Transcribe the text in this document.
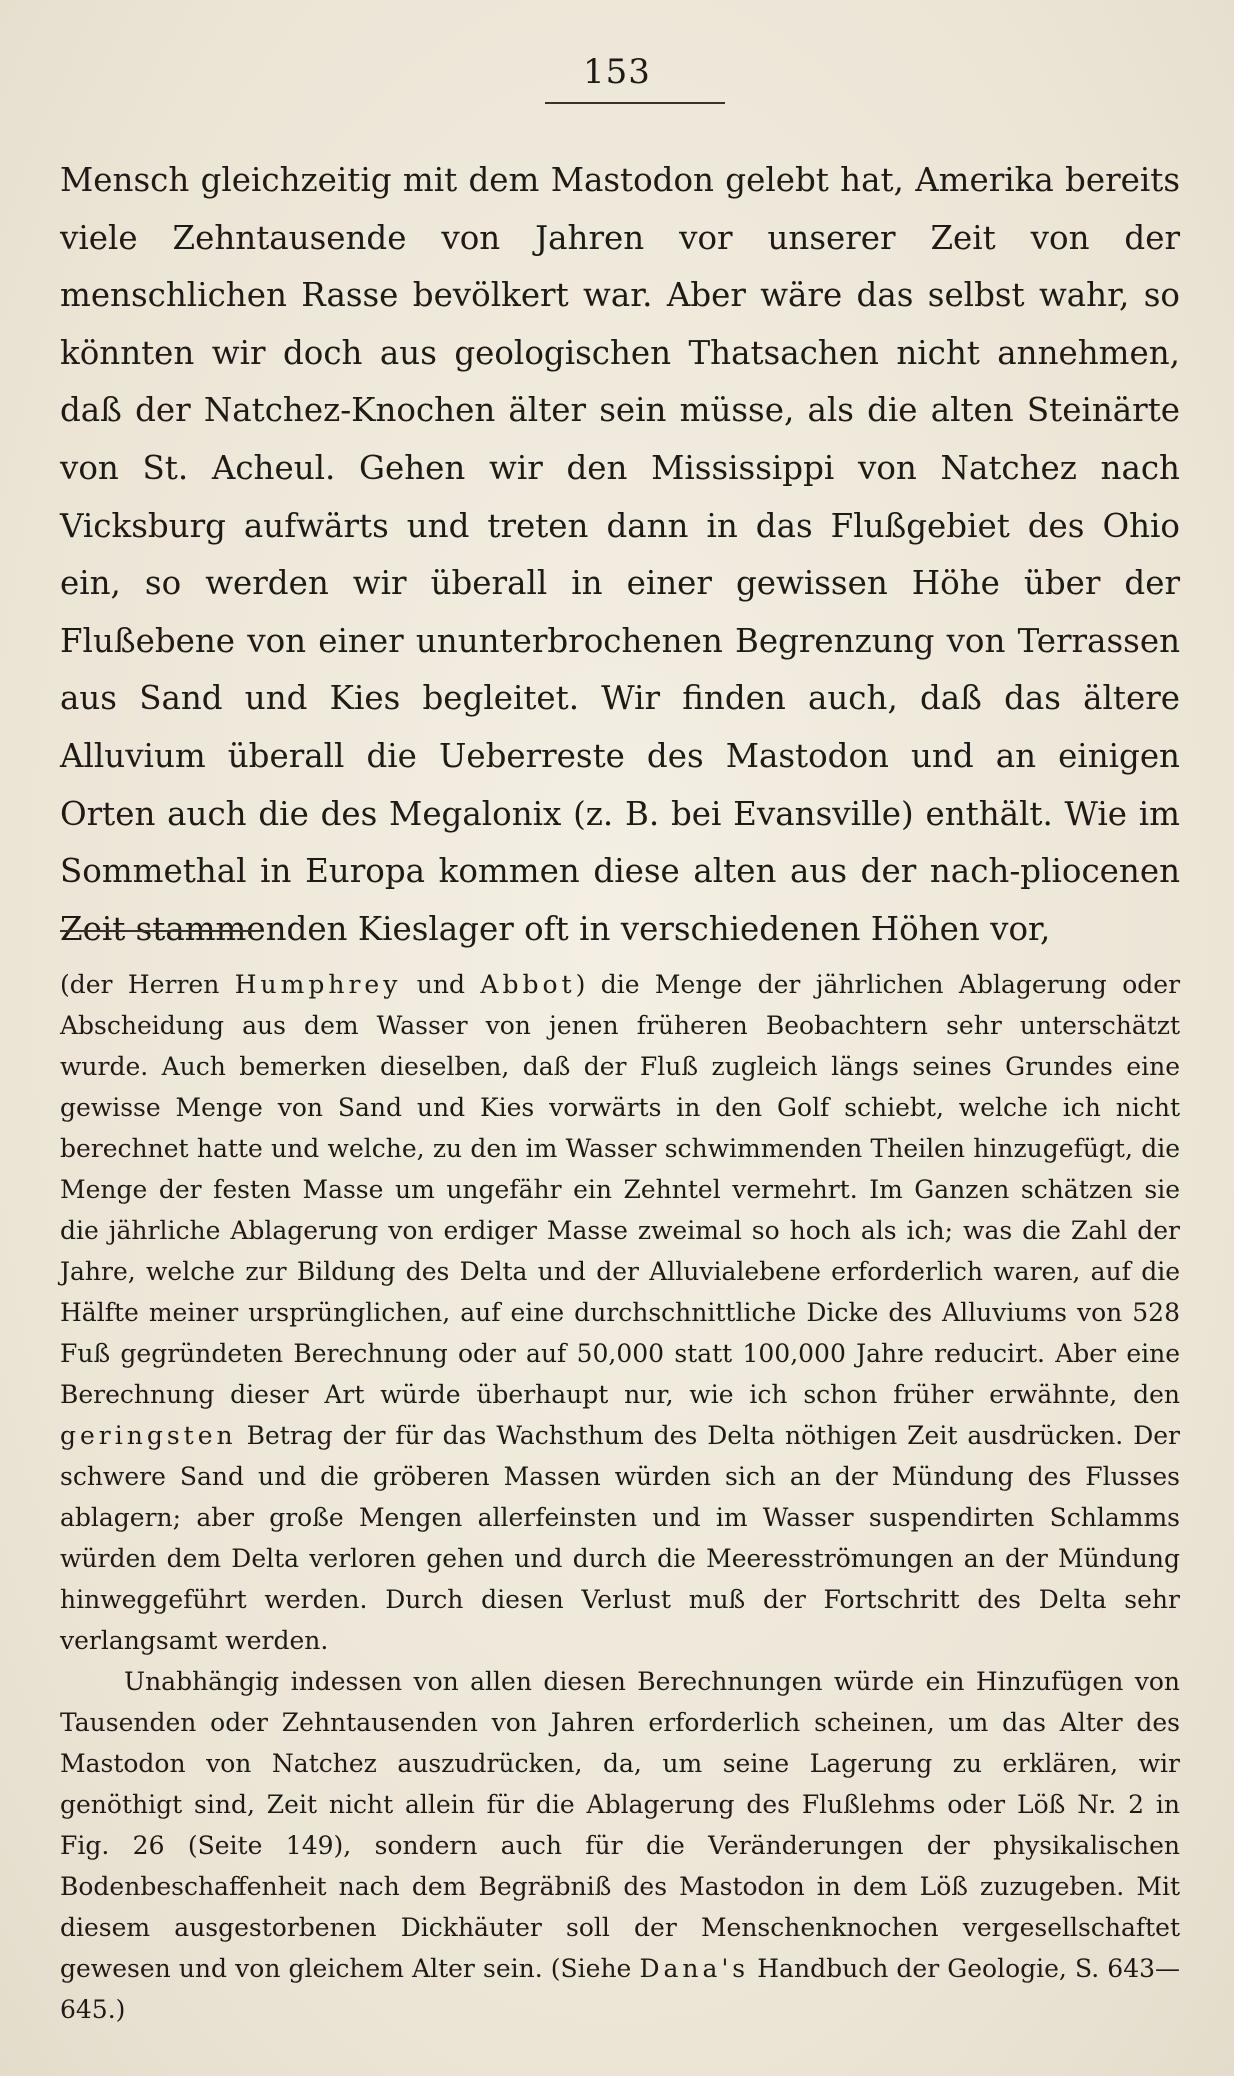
153

Mensch gleichzeitig mit dem Mastodon gelebt hat, Amerika bereits viele Zehntausende von Jahren vor unserer Zeit von der menschlichen Rasse bevölkert war. Aber wäre das selbst wahr, so könnten wir doch aus geologischen Thatsachen nicht annehmen, daß der Natchez-Knochen älter sein müsse, als die alten Steinärte von St. Acheul. Gehen wir den Mississippi von Natchez nach Vicksburg aufwärts und treten dann in das Flußgebiet des Ohio ein, so werden wir überall in einer gewissen Höhe über der Flußebene von einer ununterbrochenen Begrenzung von Terrassen aus Sand und Kies begleitet. Wir finden auch, daß das ältere Alluvium überall die Ueberreste des Mastodon und an einigen Orten auch die des Megalonix (z. B. bei Evansville) enthält. Wie im Sommethal in Europa kommen diese alten aus der nach-pliocenen Zeit stammenden Kieslager oft in verschiedenen Höhen vor,

(der Herren Humphrey und Abbot) die Menge der jährlichen Ablagerung oder Abscheidung aus dem Wasser von jenen früheren Beobachtern sehr unterschätzt wurde. Auch bemerken dieselben, daß der Fluß zugleich längs seines Grundes eine gewisse Menge von Sand und Kies vorwärts in den Golf schiebt, welche ich nicht berechnet hatte und welche, zu den im Wasser schwimmenden Theilen hinzugefügt, die Menge der festen Masse um ungefähr ein Zehntel vermehrt. Im Ganzen schätzen sie die jährliche Ablagerung von erdiger Masse zweimal so hoch als ich; was die Zahl der Jahre, welche zur Bildung des Delta und der Alluvialebene erforderlich waren, auf die Hälfte meiner ursprünglichen, auf eine durchschnittliche Dicke des Alluviums von 528 Fuß gegründeten Berechnung oder auf 50,000 statt 100,000 Jahre reducirt. Aber eine Berechnung dieser Art würde überhaupt nur, wie ich schon früher erwähnte, den geringsten Betrag der für das Wachsthum des Delta nöthigen Zeit ausdrücken. Der schwere Sand und die gröberen Massen würden sich an der Mündung des Flusses ablagern; aber große Mengen allerfeinsten und im Wasser suspendirten Schlamms würden dem Delta verloren gehen und durch die Meeresströmungen an der Mündung hinweggeführt werden. Durch diesen Verlust muß der Fortschritt des Delta sehr verlangsamt werden.

Unabhängig indessen von allen diesen Berechnungen würde ein Hinzufügen von Tausenden oder Zehntausenden von Jahren erforderlich scheinen, um das Alter des Mastodon von Natchez auszudrücken, da, um seine Lagerung zu erklären, wir genöthigt sind, Zeit nicht allein für die Ablagerung des Flußlehms oder Löß Nr. 2 in Fig. 26 (Seite 149), sondern auch für die Veränderungen der physikalischen Bodenbeschaffenheit nach dem Begräbniß des Mastodon in dem Löß zuzugeben. Mit diesem ausgestorbenen Dickhäuter soll der Menschenknochen vergesellschaftet gewesen und von gleichem Alter sein. (Siehe Dana's Handbuch der Geologie, S. 643—645.)
